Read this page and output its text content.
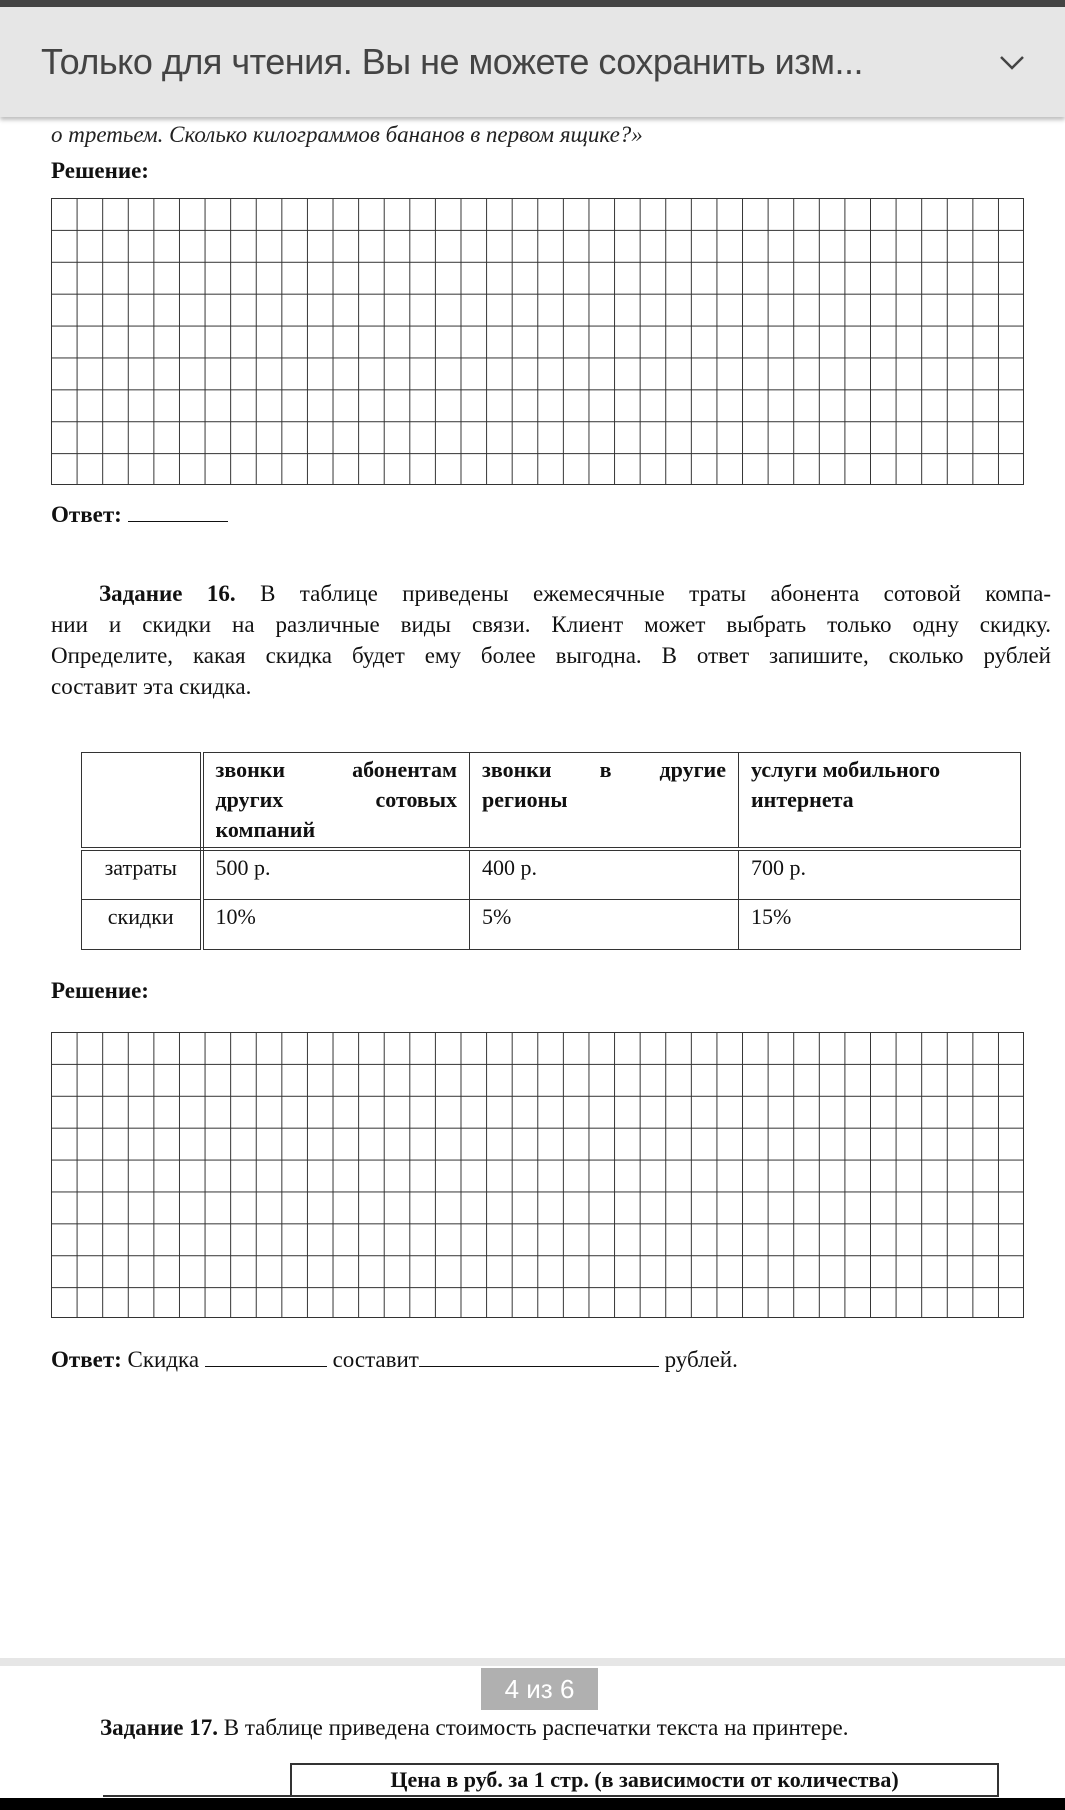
Только для чтения. Вы не можете сохранить изм...
о третьем. Сколько килограммов бананов в первом ящике?»
Решение:
Ответ:
Задание 16. В таблице приведены ежемесячные траты абонента сотовой компа-
нии и скидки на различные виды связи. Клиент может выбрать только одну скидку.
Определите, какая скидка будет ему более выгодна. В ответ запишите, сколько рублей
составит эта скидка.
	звонки абонентам других сотовых компаний	звонки в другие регионы	услуги мобильного интернета
затраты	500 р.	400 р.	700 р.
скидки	10%	5%	15%
Решение:
Ответ: Скидка	составит	рублей.
4 из 6
Задание 17. В таблице приведена стоимость распечатки текста на принтере.
Цена в руб. за 1 стр. (в зависимости от количества)
